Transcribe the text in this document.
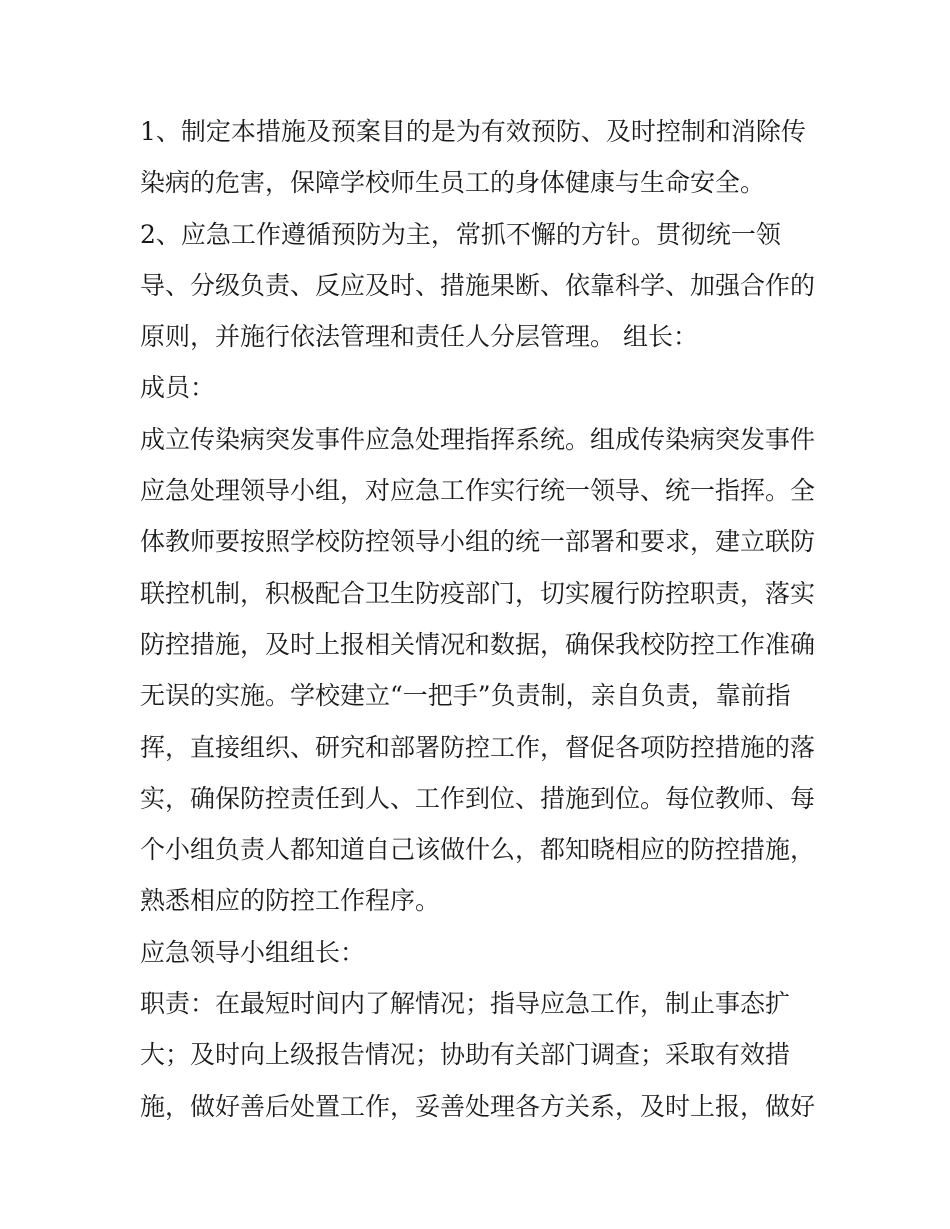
1、制定本措施及预案目的是为有效预防、及时控制和消除传
染病的危害，保障学校师生员工的身体健康与生命安全。
2、应急工作遵循预防为主，常抓不懈的方针。贯彻统一领
导、分级负责、反应及时、措施果断、依靠科学、加强合作的
原则，并施行依法管理和责任人分层管理。 组长：
成员：
成立传染病突发事件应急处理指挥系统。组成传染病突发事件
应急处理领导小组，对应急工作实行统一领导、统一指挥。全
体教师要按照学校防控领导小组的统一部署和要求，建立联防
联控机制，积极配合卫生防疫部门，切实履行防控职责，落实
防控措施，及时上报相关情况和数据，确保我校防控工作准确
无误的实施。学校建立“一把手”负责制，亲自负责，靠前指
挥，直接组织、研究和部署防控工作，督促各项防控措施的落
实，确保防控责任到人、工作到位、措施到位。每位教师、每
个小组负责人都知道自己该做什么，都知晓相应的防控措施，
熟悉相应的防控工作程序。
应急领导小组组长：
职责：在最短时间内了解情况；指导应急工作，制止事态扩
大；及时向上级报告情况；协助有关部门调查；采取有效措
施，做好善后处置工作，妥善处理各方关系，及时上报，做好
